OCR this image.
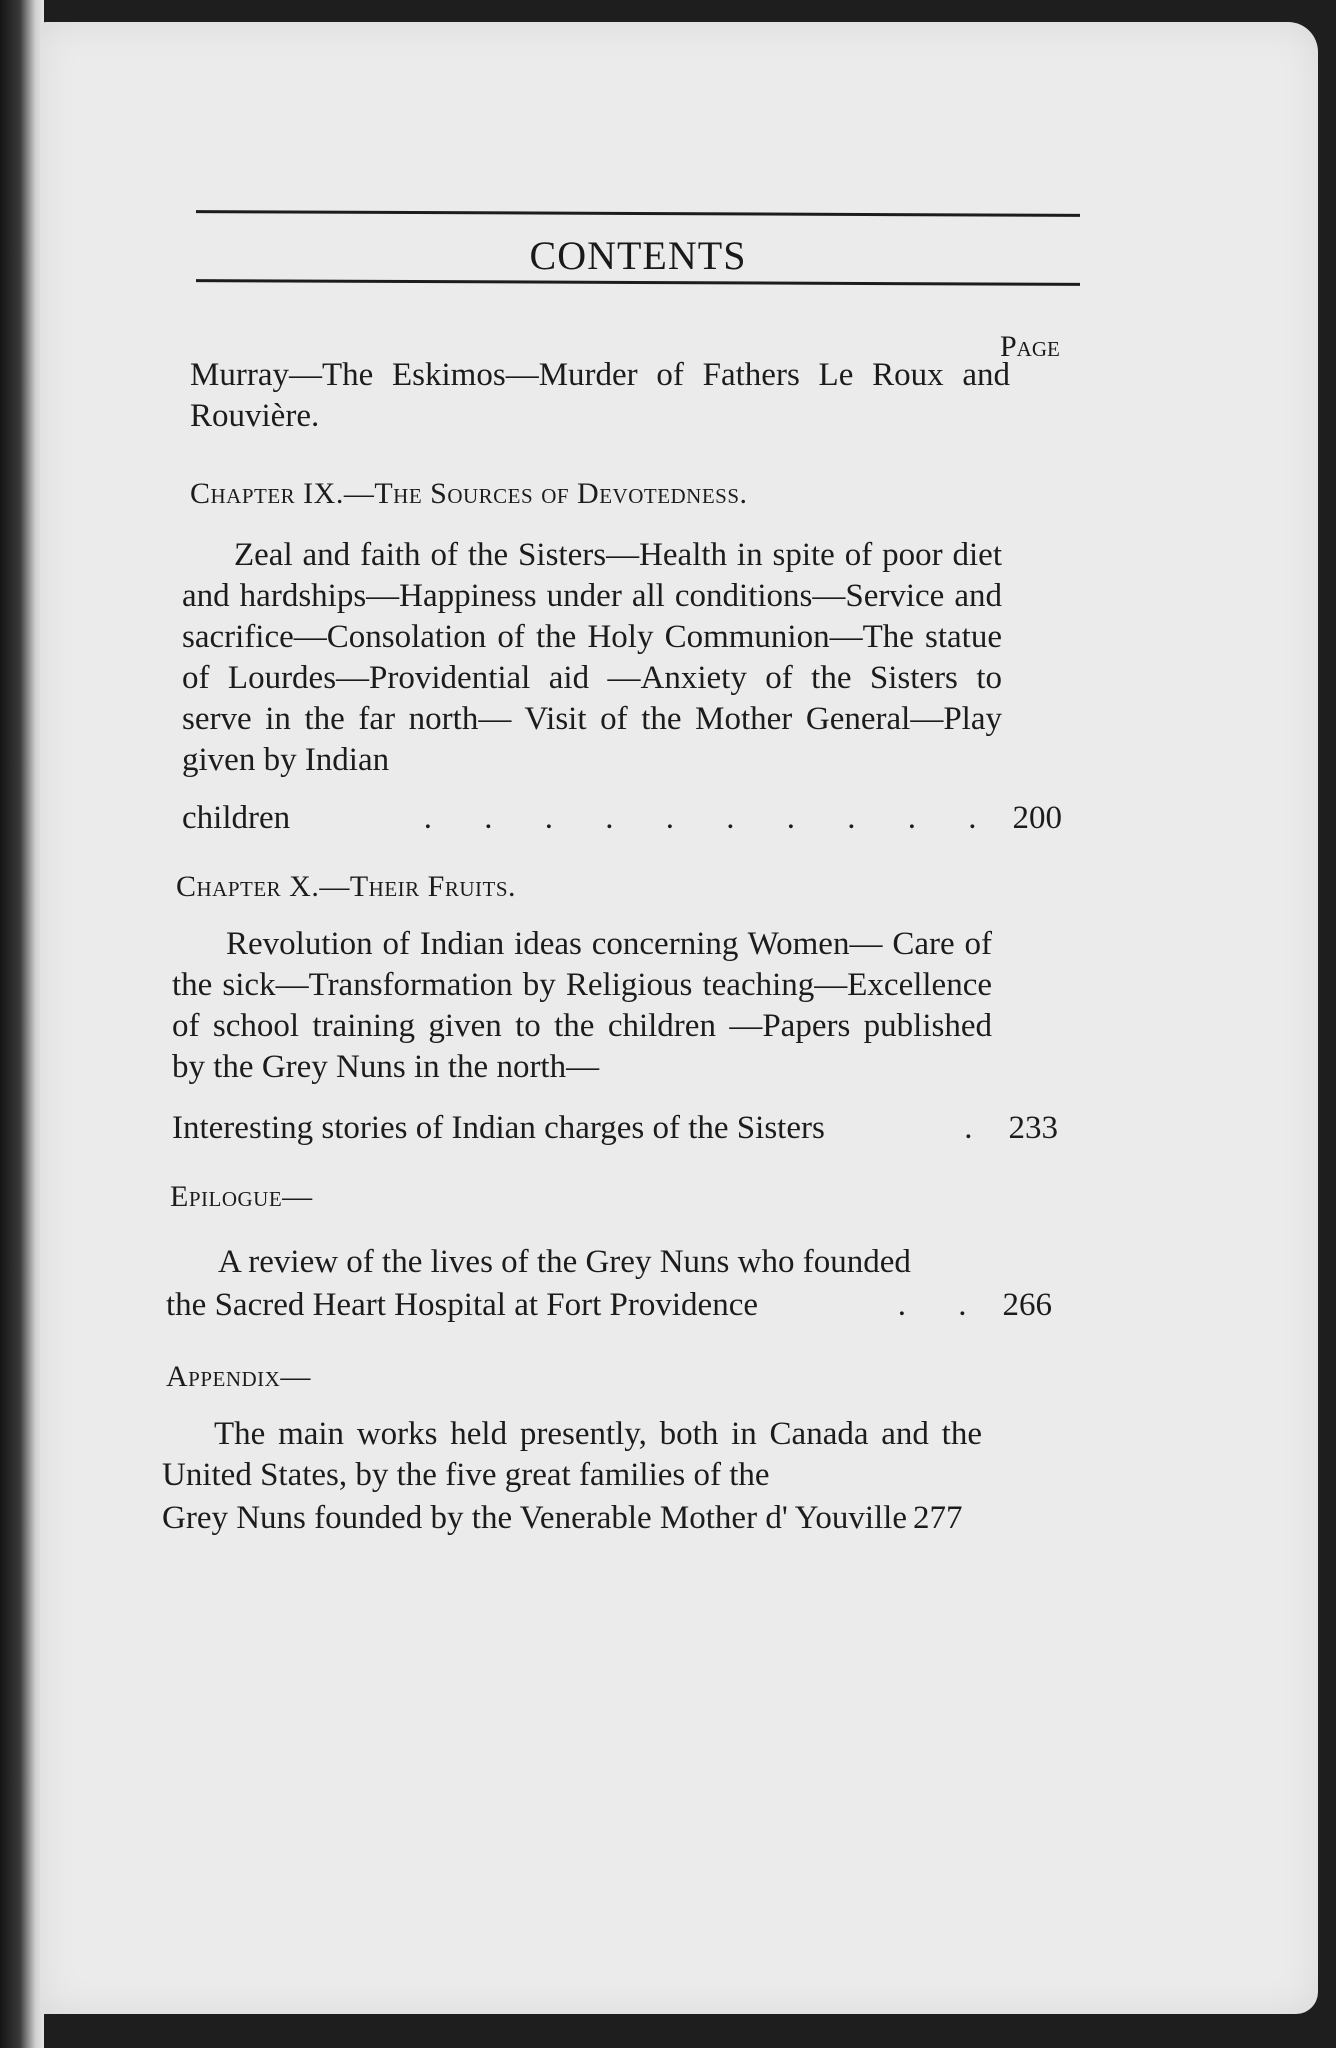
CONTENTS
Page
Murray—The Eskimos—Murder of Fathers Le Roux and Rouvière.
Chapter IX.—The Sources of Devotedness.
Zeal and faith of the Sisters—Health in spite of poor diet and hardships—Happiness under all conditions—Service and sacrifice—Consolation of the Holy Communion—The statue of Lourdes—Providential aid —Anxiety of the Sisters to serve in the far north— Visit of the Mother General—Play given by Indian
children	. . . . . . . . . . 200
Chapter X.—Their Fruits.
Revolution of Indian ideas concerning Women— Care of the sick—Transformation by Religious teaching—Excellence of school training given to the children —Papers published by the Grey Nuns in the north—
Interesting stories of Indian charges of the Sisters	. 233
Epilogue—
A review of the lives of the Grey Nuns who founded
the Sacred Heart Hospital at Fort Providence	. . 266
Appendix—
The main works held presently, both in Canada and the United States, by the five great families of the
Grey Nuns founded by the Venerable Mother d' Youville 277
